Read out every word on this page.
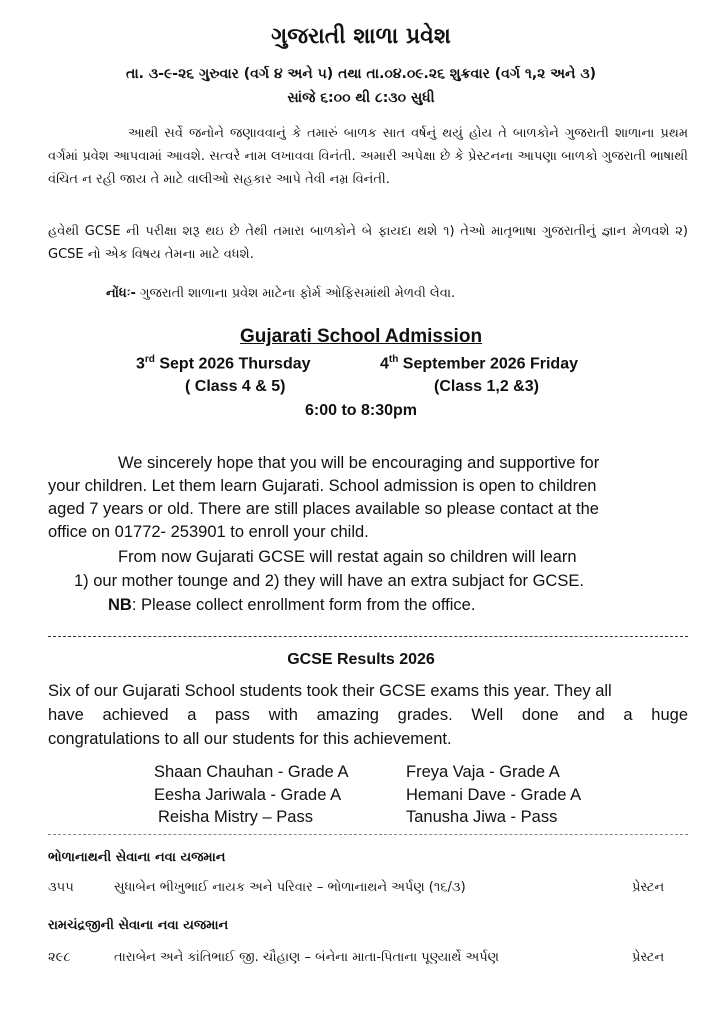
ગુજરાતી શાળા પ્રવેશ
તા. ૩-૯-૨૬ ગુરુવાર (વર્ગ ૪ અને ૫) તથા તા.૦૪.૦૯.૨૬ શુક્રવાર (વર્ગ ૧,૨ અને ૩)
સાંજે ૬:૦૦ થી ૮:૩૦ સુધી
આથી સર્વે જનોને જણાવવાનું કે તમારું બાળક સાત વર્ષનું થયું હોય તે બાળકોને ગુજરાતી શાળાના પ્રથમ વર્ગમાં પ્રવેશ આપવામાં આવશે. સત્વરે નામ લખાવવા વિનંતી. અમારી અપેક્ષા છે કે પ્રેસ્ટનના આપણા બાળકો ગુજરાતી ભાષાથી વંચિત ન રહી જાય તે માટે વાલીઓ સહકાર આપે તેવી નમ્ર વિનંતી.
હવેથી GCSE ની પરીક્ષા શરૂ થઇ છે તેથી તમારા બાળકોને બે ફાયદા થશે ૧) તેઓ માતૃભાષા ગુજરાતીનું જ્ઞાન મેળવશે ૨) GCSE નો એક વિષય તેમના માટે વધશે.
નોંધઃ- ગુજરાતી શાળાના પ્રવેશ માટેના ફોર્મ ઓફિસમાંથી મેળવી લેવા.
Gujarati School Admission
3rd Sept 2026 Thursday	4th September 2026 Friday
( Class 4 & 5)	(Class 1,2 &3)
6:00 to 8:30pm
We sincerely hope that you will be encouraging and supportive for
your children. Let them learn Gujarati. School admission is open to children
aged 7 years or old. There are still places available so please contact at the
office on 01772- 253901 to enroll your child.
From now Gujarati GCSE will restat again so children will learn
1) our mother tounge and 2) they will have an extra subjact for GCSE.
NB: Please collect enrollment form from the office.
GCSE Results 2026
Six of our Gujarati School students took their GCSE exams this year. They all
have achieved a pass with amazing grades. Well done and a huge
congratulations to all our students for this achievement.
Shaan Chauhan - Grade A	Freya Vaja - Grade A
Eesha Jariwala - Grade A	Hemani Dave - Grade A
Reisha Mistry – Pass	Tanusha Jiwa - Pass
ભોળાનાથની સેવાના નવા યજમાન
૩૫૫	સુધાબેન ભીખુભાઈ નાયક અને પરિવાર – ભોળાનાથને અર્પણ (૧૬/૩)	પ્રેસ્ટન
રામચંદ્રજીની સેવાના નવા યજમાન
૨૯૮	તારાબેન અને કાંતિભાઈ જી. ચૌહાણ – બંનેના માતા-પિતાના પૂણ્યાર્થે અર્પણ	પ્રેસ્ટન
